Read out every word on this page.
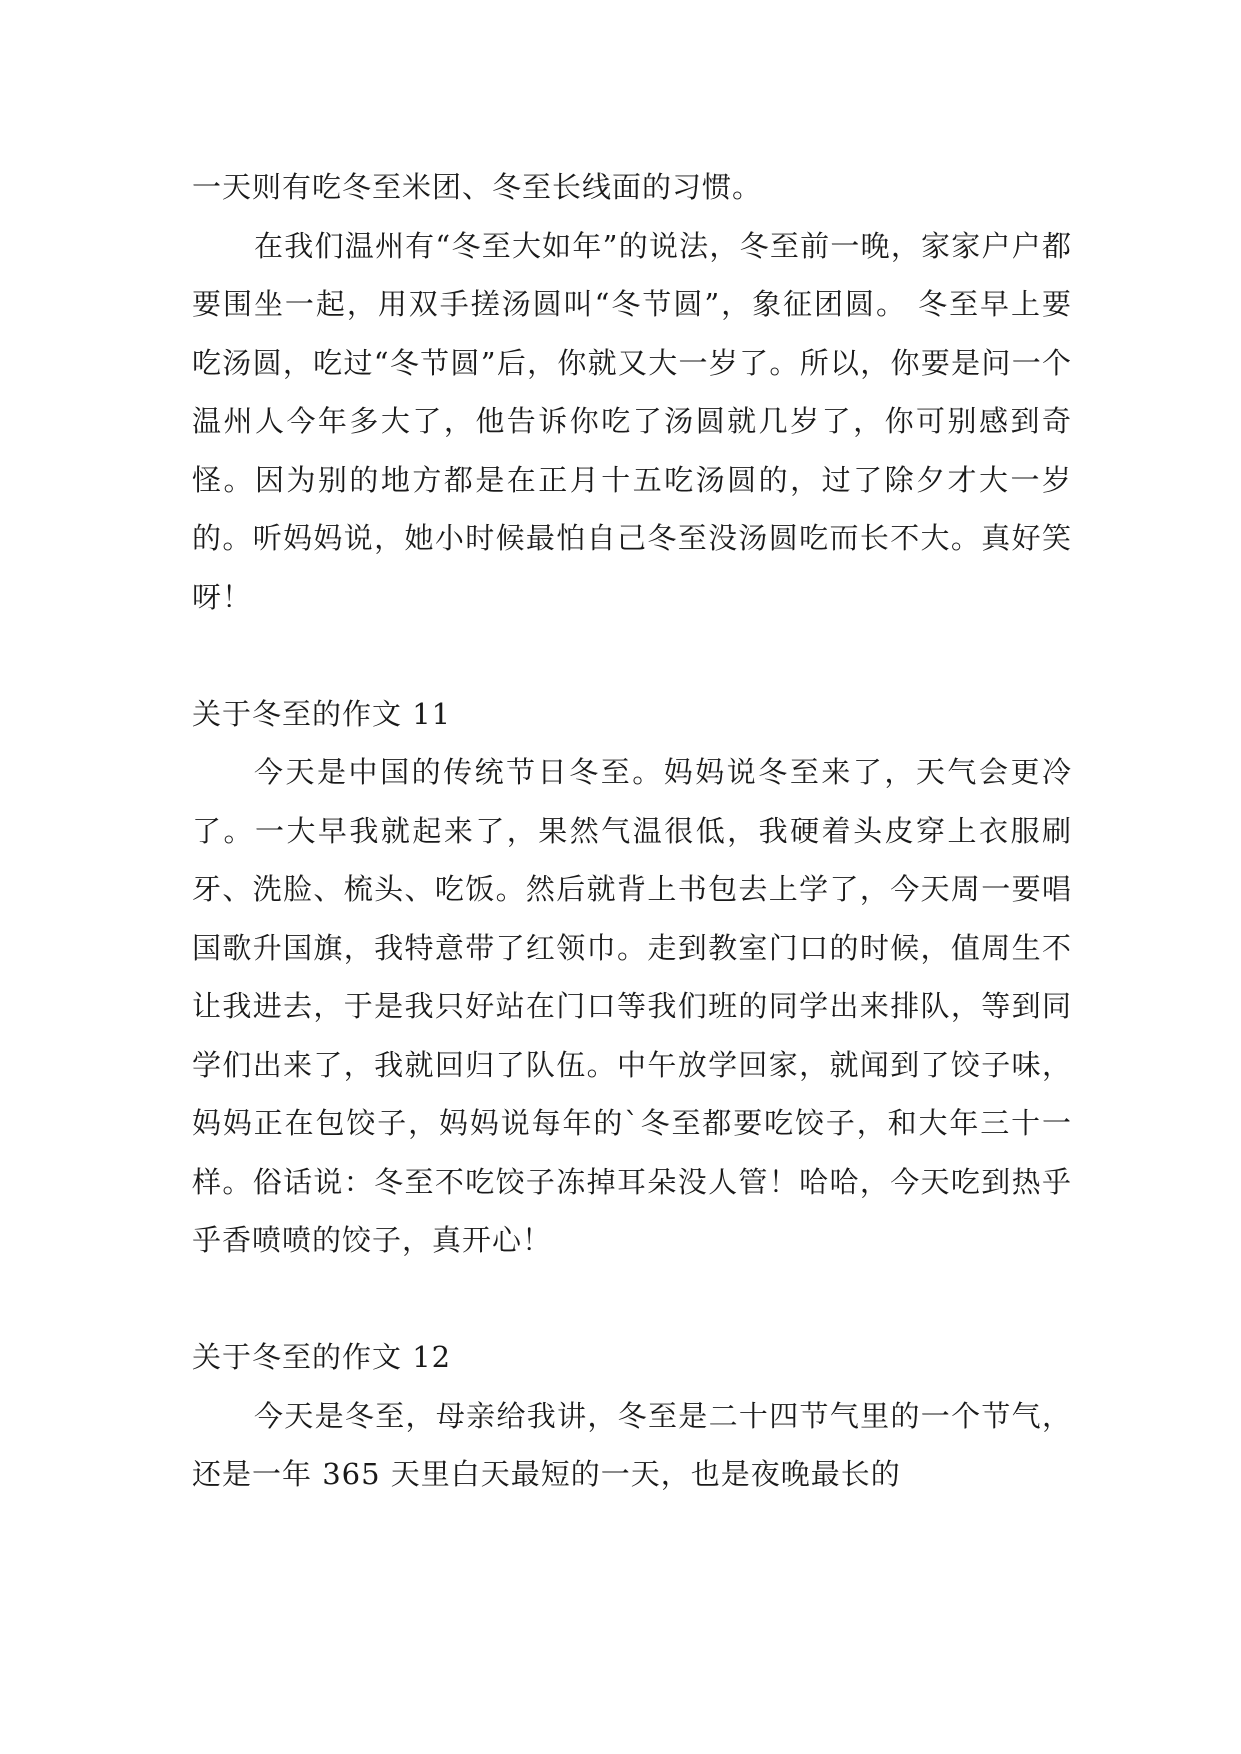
一天则有吃冬至米团、冬至长线面的习惯。

在我们温州有“冬至大如年”的说法，冬至前一晚，家家户户都要围坐一起，用双手搓汤圆叫“冬节圆”，象征团圆。 冬至早上要吃汤圆，吃过“冬节圆”后，你就又大一岁了。所以，你要是问一个温州人今年多大了，他告诉你吃了汤圆就几岁了，你可别感到奇怪。因为别的地方都是在正月十五吃汤圆的，过了除夕才大一岁的。听妈妈说，她小时候最怕自己冬至没汤圆吃而长不大。真好笑呀！

关于冬至的作文 11

今天是中国的传统节日冬至。妈妈说冬至来了，天气会更冷了。一大早我就起来了，果然气温很低，我硬着头皮穿上衣服刷牙、洗脸、梳头、吃饭。然后就背上书包去上学了，今天周一要唱国歌升国旗，我特意带了红领巾。走到教室门口的时候，值周生不让我进去，于是我只好站在门口等我们班的同学出来排队，等到同学们出来了，我就回归了队伍。中午放学回家，就闻到了饺子味，妈妈正在包饺子，妈妈说每年的`冬至都要吃饺子，和大年三十一样。俗话说：冬至不吃饺子冻掉耳朵没人管！哈哈，今天吃到热乎乎香喷喷的饺子，真开心！

关于冬至的作文 12

今天是冬至，母亲给我讲，冬至是二十四节气里的一个节气，还是一年 365 天里白天最短的一天，也是夜晚最长的
